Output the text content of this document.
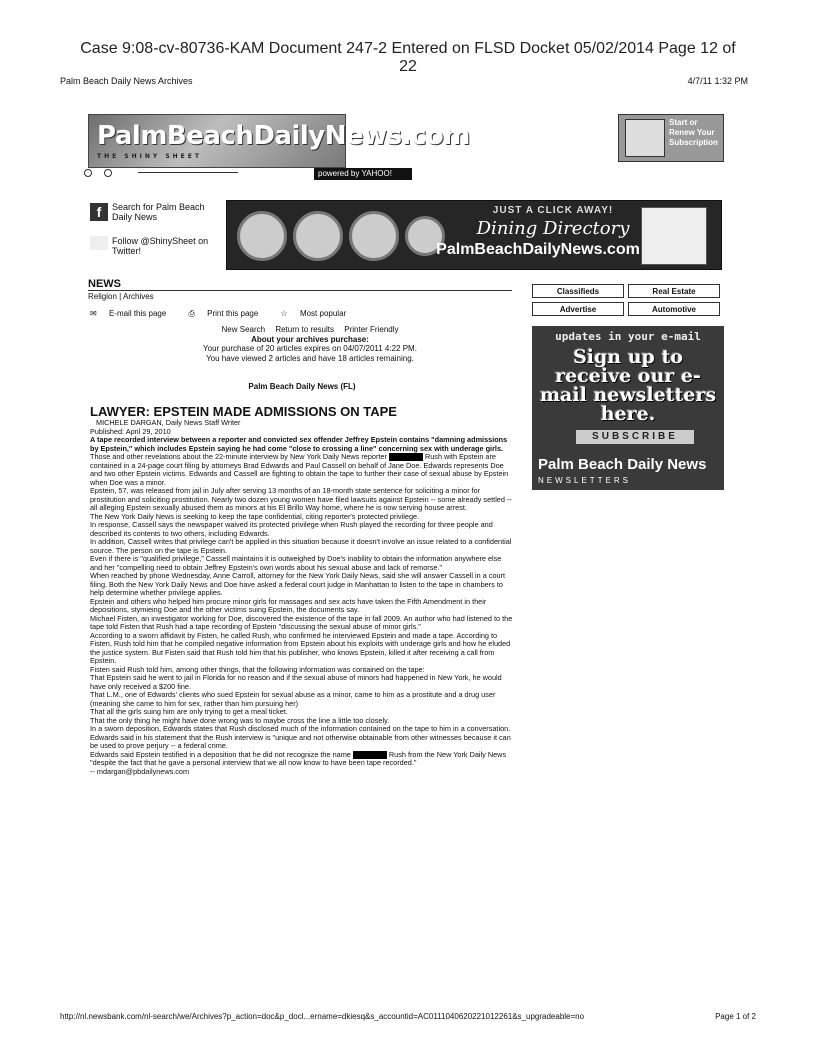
Case 9:08-cv-80736-KAM Document 247-2 Entered on FLSD Docket 05/02/2014 Page 12 of
22
Palm Beach Daily News Archives	4/7/11 1:32 PM
PalmBeachDailyNews.com
THE SHINY SHEET
Start or Renew Your Subscription

powered by YAHOO!
f	Search for Palm Beach Daily News
Follow @ShinySheet on Twitter!
JUST A CLICK AWAY!
Dining Directory
PalmBeachDailyNews.com
NEWS
Religion | Archives
✉ E-mail this page	⎙ Print this page	☆ Most popular
Classifieds	Real Estate
Advertise	Automotive
updates in your e-mail
Sign up to receive our e-mail newsletters here.
SUBSCRIBE
Palm Beach Daily News
NEWSLETTERS
New Search Return to results Printer Friendly
About your archives purchase:
Your purchase of 20 articles expires on 04/07/2011 4:22 PM.
You have viewed 2 articles and have 18 articles remaining.
Palm Beach Daily News (FL)
LAWYER: EPSTEIN MADE ADMISSIONS ON TAPE

MICHELE DARGAN, Daily News Staff Writer

Published: April 29, 2010

A tape recorded interview between a reporter and convicted sex offender Jeffrey Epstein contains "damning admissions by Epstein," which includes Epstein saying he had come "close to crossing a line" concerning sex with underage girls.

Those and other revelations about the 22-minute interview by New York Daily News reporter	Rush with Epstein are contained in a 24-page court filing by attorneys Brad Edwards and Paul Cassell on behalf of Jane Doe. Edwards represents Doe and two other Epstein victims. Edwards and Cassell are fighting to obtain the tape to further their case of sexual abuse by Epstein when Doe was a minor.

Epstein, 57, was released from jail in July after serving 13 months of an 18-month state sentence for soliciting a minor for prostitution and soliciting prostitution. Nearly two dozen young women have filed lawsuits against Epstein -- some already settled -- all alleging Epstein sexually abused them as minors at his El Brillo Way home, where he is now serving house arrest.

The New York Daily News is seeking to keep the tape confidential, citing reporter's protected privilege.

In response, Cassell says the newspaper waived its protected privilege when Rush played the recording for three people and described its contents to two others, including Edwards.

In addition, Cassell writes that privilege can't be applied in this situation because it doesn't involve an issue related to a confidential source. The person on the tape is Epstein.

Even if there is "qualified privilege," Cassell maintains it is outweighed by Doe's inability to obtain the information anywhere else and her "compelling need to obtain Jeffrey Epstein's own words about his sexual abuse and lack of remorse."

When reached by phone Wednesday, Anne Carroll, attorney for the New York Daily News, said she will answer Cassell in a court filing. Both the New York Daily News and Doe have asked a federal court judge in Manhattan to listen to the tape in chambers to help determine whether privilege applies.

Epstein and others who helped him procure minor girls for massages and sex acts have taken the Fifth Amendment in their depositions, stymieing Doe and the other victims suing Epstein, the documents say.

Michael Fisten, an investigator working for Doe, discovered the existence of the tape in fall 2009. An author who had listened to the tape told Fisten that Rush had a tape recording of Epstein "discussing the sexual abuse of minor girls."

According to a sworn affidavit by Fisten, he called Rush, who confirmed he interviewed Epstein and made a tape. According to Fisten, Rush told him that he compiled negative information from Epstein about his exploits with underage girls and how he eluded the justice system. But Fisten said that Rush told him that his publisher, who knows Epstein, killed it after receiving a call from Epstein.

Fisten said Rush told him, among other things, that the following information was contained on the tape:

That Epstein said he went to jail in Florida for no reason and if the sexual abuse of minors had happened in New York, he would have only received a $200 fine.

That L.M., one of Edwards' clients who sued Epstein for sexual abuse as a minor, came to him as a prostitute and a drug user (meaning she came to him for sex, rather than him pursuing her)

That all the girls suing him are only trying to get a meal ticket.

That the only thing he might have done wrong was to maybe cross the line a little too closely.

In a sworn deposition, Edwards states that Rush disclosed much of the information contained on the tape to him in a conversation.

Edwards said in his statement that the Rush interview is "unique and not otherwise obtainable from other witnesses because it can be used to prove perjury -- a federal crime.

Edwards said Epstein testified in a deposition that he did not recognize the name	Rush from the New York Daily News "despite the fact that he gave a personal interview that we all now know to have been tape recorded."

-- mdargan@pbdailynews.com

http://nl.newsbank.com/nl-search/we/Archives?p_action=doc&p_docl...ername=dkiesq&s_accountid=AC0111040620221012261&s_upgradeable=no	Page 1 of 2
